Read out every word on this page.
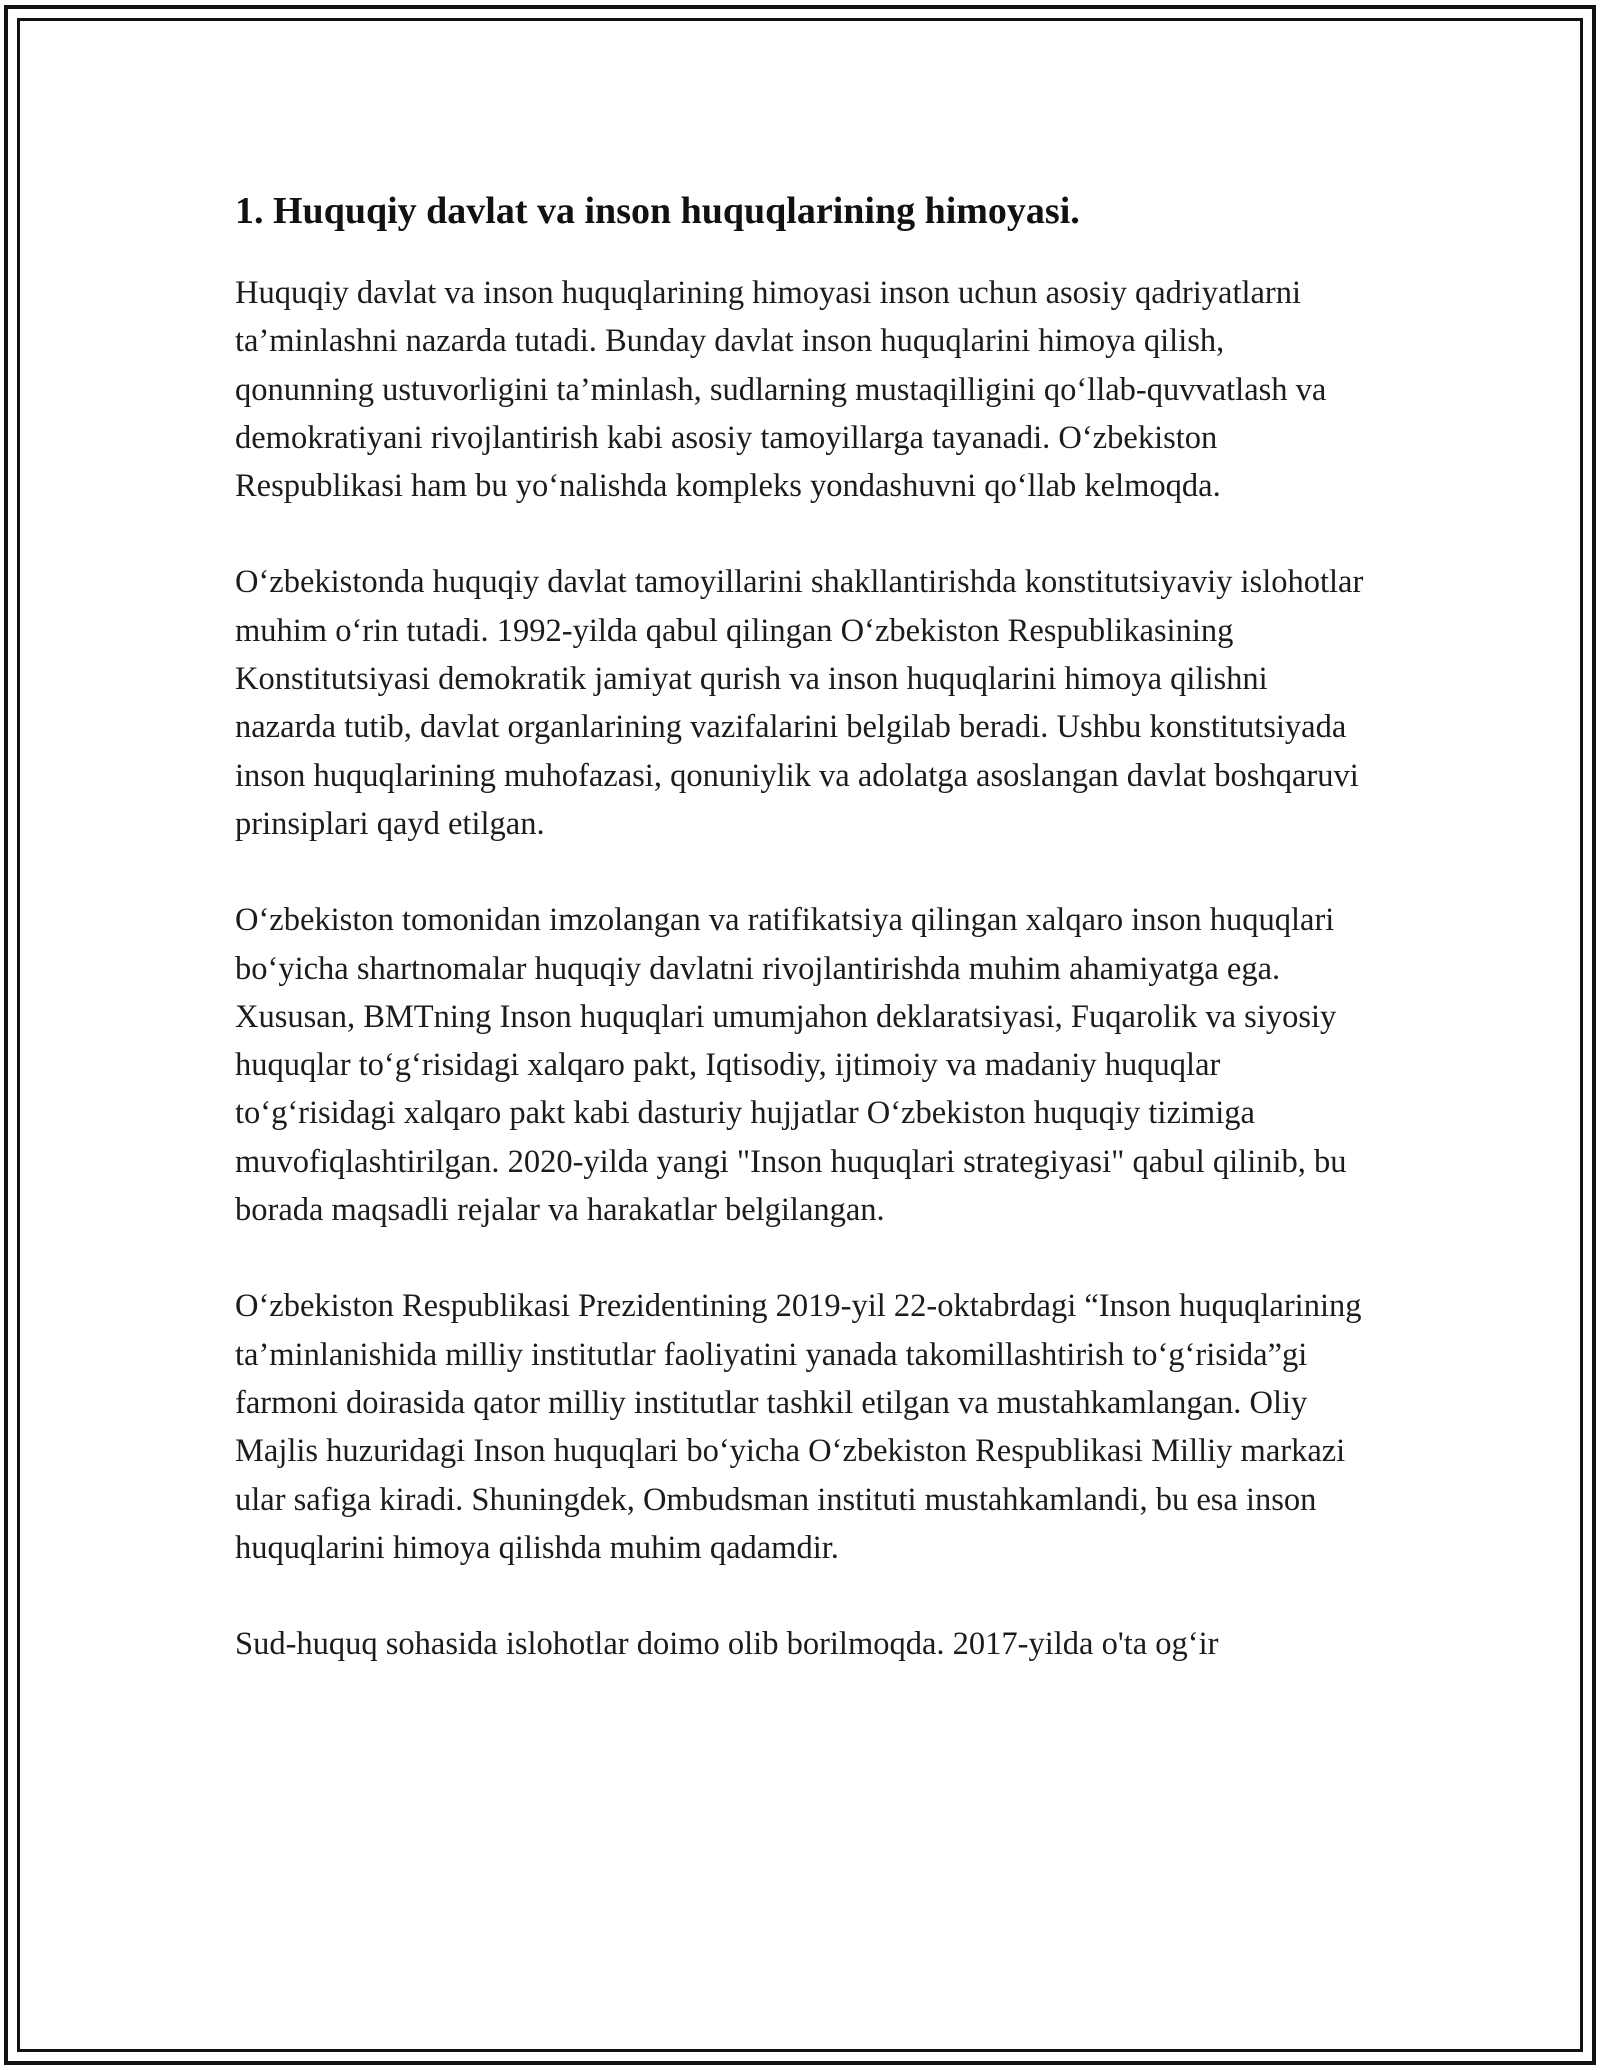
1. Huquqiy davlat va inson huquqlarining himoyasi.

Huquqiy davlat va inson huquqlarining himoyasi inson uchun asosiy qadriyatlarni ta’minlashni nazarda tutadi. Bunday davlat inson huquqlarini himoya qilish, qonunning ustuvorligini ta’minlash, sudlarning mustaqilligini qo‘llab-quvvatlash va demokratiyani rivojlantirish kabi asosiy tamoyillarga tayanadi. O‘zbekiston Respublikasi ham bu yo‘nalishda kompleks yondashuvni qo‘llab kelmoqda.

O‘zbekistonda huquqiy davlat tamoyillarini shakllantirishda konstitutsiyaviy islohotlar muhim o‘rin tutadi. 1992-yilda qabul qilingan O‘zbekiston Respublikasining Konstitutsiyasi demokratik jamiyat qurish va inson huquqlarini himoya qilishni nazarda tutib, davlat organlarining vazifalarini belgilab beradi. Ushbu konstitutsiyada inson huquqlarining muhofazasi, qonuniylik va adolatga asoslangan davlat boshqaruvi prinsiplari qayd etilgan.

O‘zbekiston tomonidan imzolangan va ratifikatsiya qilingan xalqaro inson huquqlari bo‘yicha shartnomalar huquqiy davlatni rivojlantirishda muhim ahamiyatga ega. Xususan, BMTning Inson huquqlari umumjahon deklaratsiyasi, Fuqarolik va siyosiy huquqlar to‘g‘risidagi xalqaro pakt, Iqtisodiy, ijtimoiy va madaniy huquqlar to‘g‘risidagi xalqaro pakt kabi dasturiy hujjatlar O‘zbekiston huquqiy tizimiga muvofiqlashtirilgan. 2020-yilda yangi "Inson huquqlari strategiyasi" qabul qilinib, bu borada maqsadli rejalar va harakatlar belgilangan.

O‘zbekiston Respublikasi Prezidentining 2019-yil 22-oktabrdagi “Inson huquqlarining ta’minlanishida milliy institutlar faoliyatini yanada takomillashtirish to‘g‘risida”gi farmoni doirasida qator milliy institutlar tashkil etilgan va mustahkamlangan. Oliy Majlis huzuridagi Inson huquqlari bo‘yicha O‘zbekiston Respublikasi Milliy markazi ular safiga kiradi. Shuningdek, Ombudsman instituti mustahkamlandi, bu esa inson huquqlarini himoya qilishda muhim qadamdir.

Sud-huquq sohasida islohotlar doimo olib borilmoqda. 2017-yilda o'ta og‘ir
